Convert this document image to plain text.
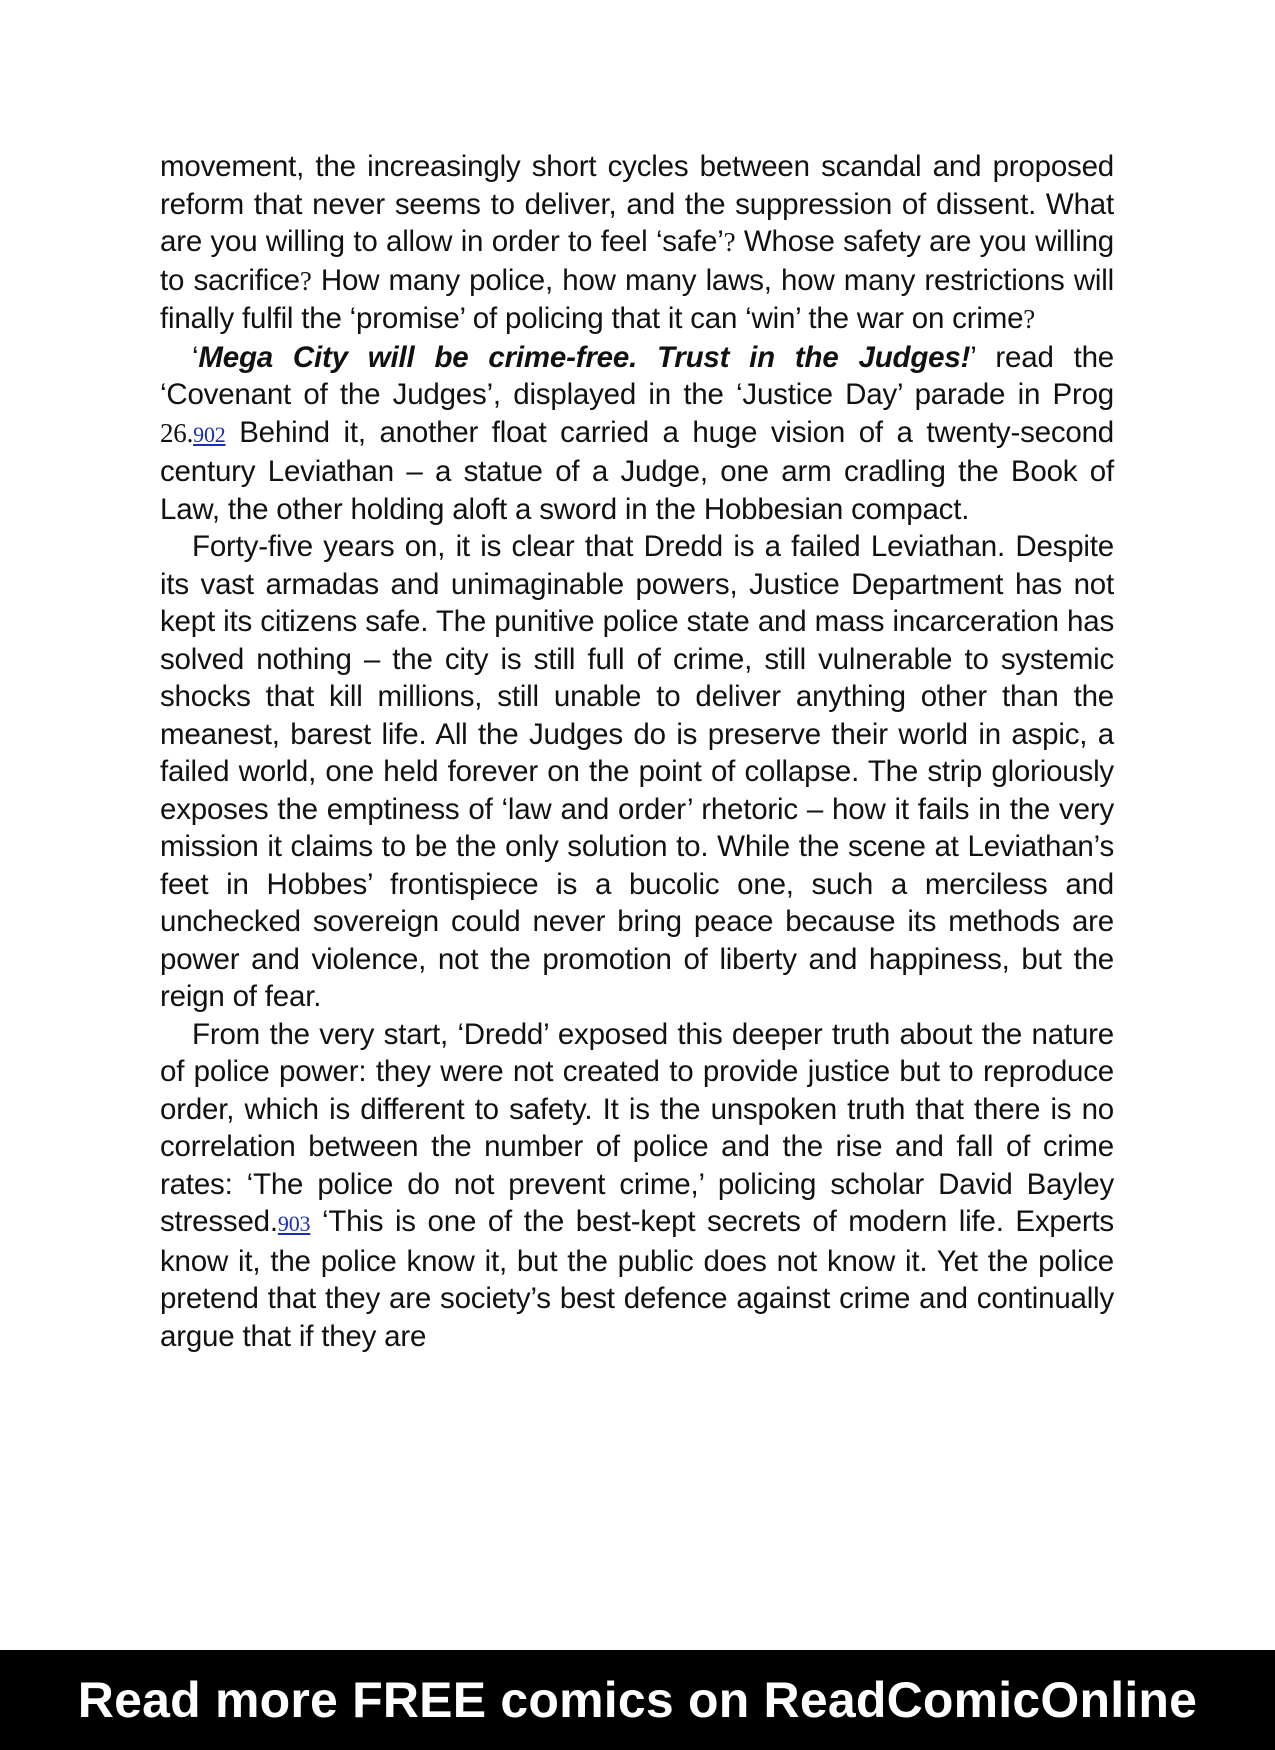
movement, the increasingly short cycles between scandal and proposed reform that never seems to deliver, and the suppression of dissent. What are you willing to allow in order to feel ‘safe’? Whose safety are you willing to sacrifice? How many police, how many laws, how many restrictions will finally fulfil the ‘promise’ of policing that it can ‘win’ the war on crime?

‘Mega City will be crime-free. Trust in the Judges!’ read the ‘Covenant of the Judges’, displayed in the ‘Justice Day’ parade in Prog 26.902 Behind it, another float carried a huge vision of a twenty-second century Leviathan – a statue of a Judge, one arm cradling the Book of Law, the other holding aloft a sword in the Hobbesian compact.

Forty-five years on, it is clear that Dredd is a failed Leviathan. Despite its vast armadas and unimaginable powers, Justice Department has not kept its citizens safe. The punitive police state and mass incarceration has solved nothing – the city is still full of crime, still vulnerable to systemic shocks that kill millions, still unable to deliver anything other than the meanest, barest life. All the Judges do is preserve their world in aspic, a failed world, one held forever on the point of collapse. The strip gloriously exposes the emptiness of ‘law and order’ rhetoric – how it fails in the very mission it claims to be the only solution to. While the scene at Leviathan’s feet in Hobbes’ frontispiece is a bucolic one, such a merciless and unchecked sovereign could never bring peace because its methods are power and violence, not the promotion of liberty and happiness, but the reign of fear.

From the very start, ‘Dredd’ exposed this deeper truth about the nature of police power: they were not created to provide justice but to reproduce order, which is different to safety. It is the unspoken truth that there is no correlation between the number of police and the rise and fall of crime rates: ‘The police do not prevent crime,’ policing scholar David Bayley stressed.903 ‘This is one of the best-kept secrets of modern life. Experts know it, the police know it, but the public does not know it. Yet the police pretend that they are society’s best defence against crime and continually argue that if they are

Read more FREE comics on ReadComicOnline
